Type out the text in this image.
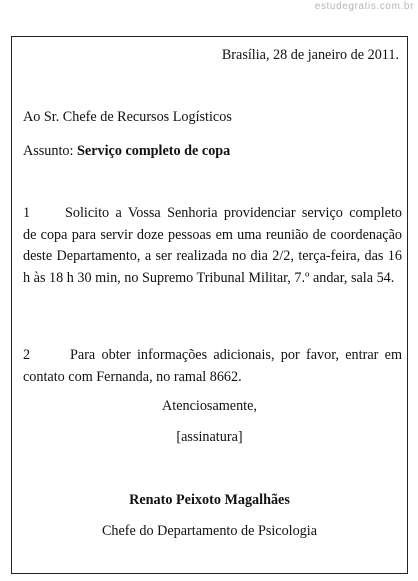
estudegratis.com.br
Brasília, 28 de janeiro de 2011.
Ao Sr. Chefe de Recursos Logísticos
Assunto: Serviço completo de copa
1 Solicito a Vossa Senhoria providenciar serviço completo de copa para servir doze pessoas em uma reunião de coordenação deste Departamento, a ser realizada no dia 2/2, terça-feira, das 16 h às 18 h 30 min, no Supremo Tribunal Militar, 7.º andar, sala 54.
2	Para obter informações adicionais, por favor, entrar em contato com Fernanda, no ramal 8662.
Atenciosamente,
[assinatura]
Renato Peixoto Magalhães
Chefe do Departamento de Psicologia
